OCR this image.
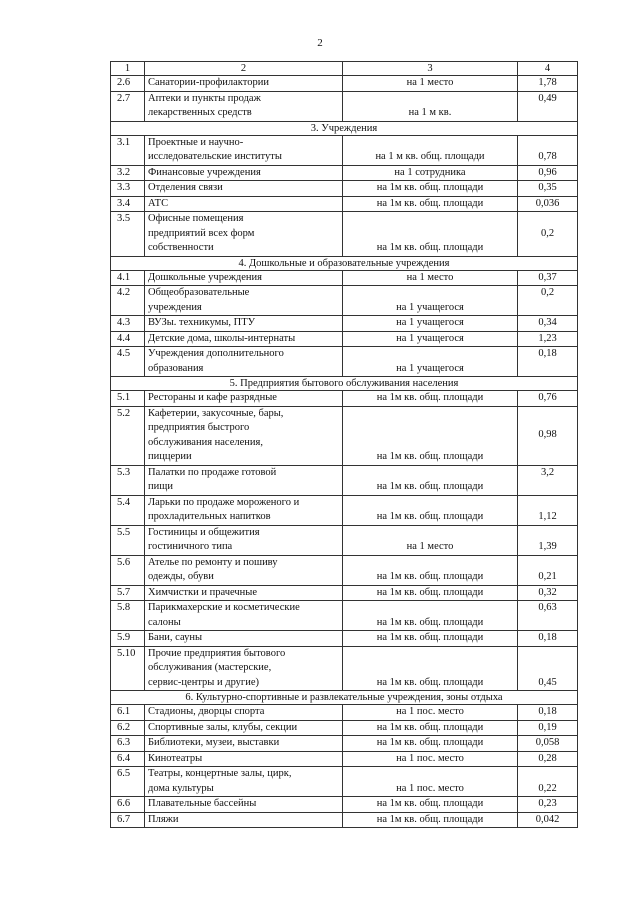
2
1	2	3	4
2.6	Санатории-профилактории	на 1 место	1,78
2.7	Аптеки и пункты продаж
лекарственных средств	на 1 м кв.	0,49
3. Учреждения			
3.1	Проектные и научно-
исследовательские институты	на 1 м кв. общ. площади	0,78
3.2	Финансовые учреждения	на 1 сотрудника	0,96
3.3	Отделения связи	на 1м кв. общ. площади	0,35
3.4	АТС	на 1м кв. общ. площади	0,036
3.5	Офисные помещения
предприятий всех форм
собственности	на 1м кв. общ. площади	0,2
4. Дошкольные и образовательные учреждения			
4.1	Дошкольные учреждения	на 1 место	0,37
4.2	Общеобразовательные
учреждения	на 1 учащегося	0,2
4.3	ВУЗы. техникумы, ПТУ	на 1 учащегося	0,34
4.4	Детские дома, школы-интернаты	на 1 учащегося	1,23
4.5	Учреждения дополнительного
образования	на 1 учащегося	0,18
5. Предприятия бытового обслуживания населения			
5.1	Рестораны и кафе разрядные	на 1м кв. общ. площади	0,76
5.2	Кафетерии, закусочные, бары,
предприятия быстрого
обслуживания населения,
пиццерии	на 1м кв. общ. площади	0,98
5.3	Палатки по продаже готовой
пищи	на 1м кв. общ. площади	3,2
5.4	Ларьки по продаже мороженого и
прохладительных напитков	на 1м кв. общ. площади	1,12
5.5	Гостиницы и общежития
гостиничного типа	на 1 место	1,39
5.6	Ателье по ремонту и пошиву
одежды, обуви	на 1м кв. общ. площади	0,21
5.7	Химчистки и прачечные	на 1м кв. общ. площади	0,32
5.8	Парикмахерские и косметические
салоны	на 1м кв. общ. площади	0,63
5.9	Бани, сауны	на 1м кв. общ. площади	0,18
5.10	Прочие предприятия бытового
обслуживания (мастерские,
сервис-центры и другие)	на 1м кв. общ. площади	0,45
6. Культурно-спортивные и развлекательные учреждения, зоны отдыха			
6.1	Стадионы, дворцы спорта	на 1 пос. место	0,18
6.2	Спортивные залы, клубы, секции	на 1м кв. общ. площади	0,19
6.3	Библиотеки, музеи, выставки	на 1м кв. общ. площади	0,058
6.4	Кинотеатры	на 1 пос. место	0,28
6.5	Театры, концертные залы, цирк,
дома культуры	на 1 пос. место	0,22
6.6	Плавательные бассейны	на 1м кв. общ. площади	0,23
6.7	Пляжи	на 1м кв. общ. площади	0,042
